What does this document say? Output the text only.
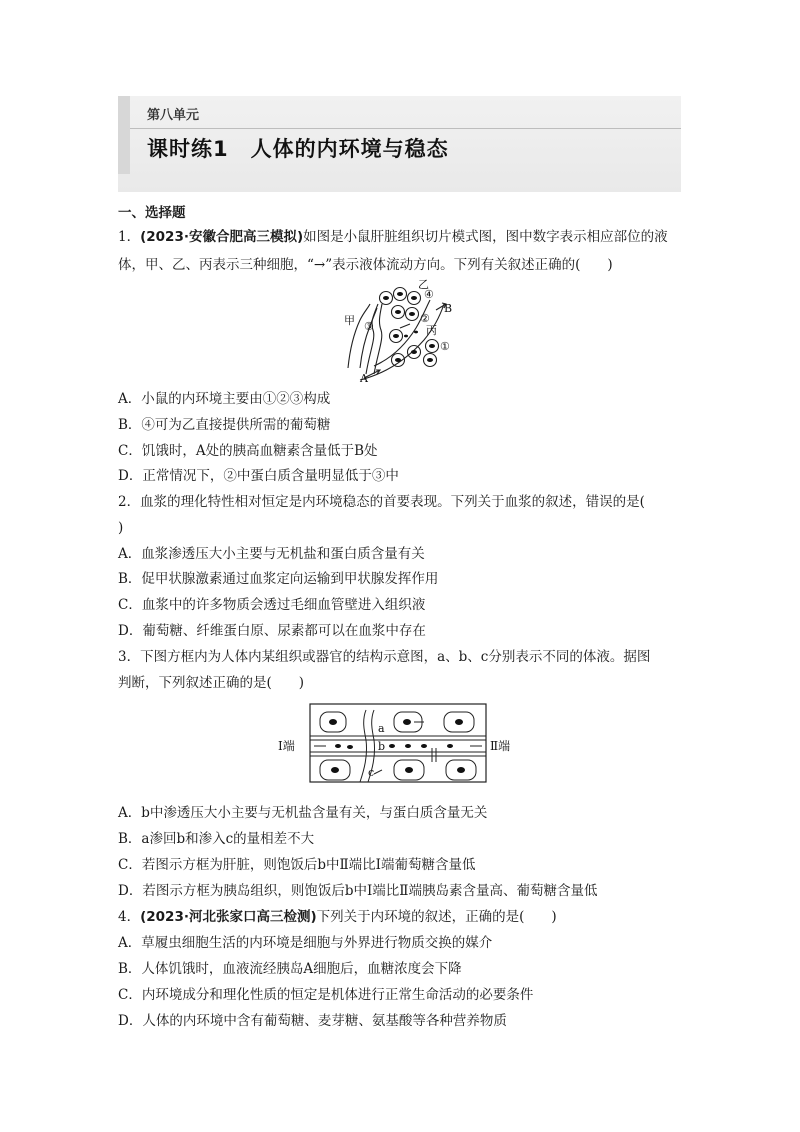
第八单元
课时练1　人体的内环境与稳态
一、选择题
1．(2023·安徽合肥高三模拟)如图是小鼠肝脏组织切片模式图，图中数字表示相应部位的液
体，甲、乙、丙表示三种细胞，“→”表示液体流动方向。下列有关叙述正确的(　　)
甲
乙
丙
④
②
③
①
A
B
A．小鼠的内环境主要由①②③构成
B．④可为乙直接提供所需的葡萄糖
C．饥饿时，A处的胰高血糖素含量低于B处
D．正常情况下，②中蛋白质含量明显低于③中
2．血浆的理化特性相对恒定是内环境稳态的首要表现。下列关于血浆的叙述，错误的是(
)
A．血浆渗透压大小主要与无机盐和蛋白质含量有关
B．促甲状腺激素通过血浆定向运输到甲状腺发挥作用
C．血浆中的许多物质会透过毛细血管壁进入组织液
D．葡萄糖、纤维蛋白原、尿素都可以在血浆中存在
3．下图方框内为人体内某组织或器官的结构示意图，a、b、c分别表示不同的体液。据图
判断，下列叙述正确的是(　　)
Ⅰ端	Ⅱ端
a
b
c
A．b中渗透压大小主要与无机盐含量有关，与蛋白质含量无关
B．a渗回b和渗入c的量相差不大
C．若图示方框为肝脏，则饱饭后b中Ⅱ端比Ⅰ端葡萄糖含量低
D．若图示方框为胰岛组织，则饱饭后b中Ⅰ端比Ⅱ端胰岛素含量高、葡萄糖含量低
4．(2023·河北张家口高三检测)下列关于内环境的叙述，正确的是(　　)
A．草履虫细胞生活的内环境是细胞与外界进行物质交换的媒介
B．人体饥饿时，血液流经胰岛A细胞后，血糖浓度会下降
C．内环境成分和理化性质的恒定是机体进行正常生命活动的必要条件
D．人体的内环境中含有葡萄糖、麦芽糖、氨基酸等各种营养物质
